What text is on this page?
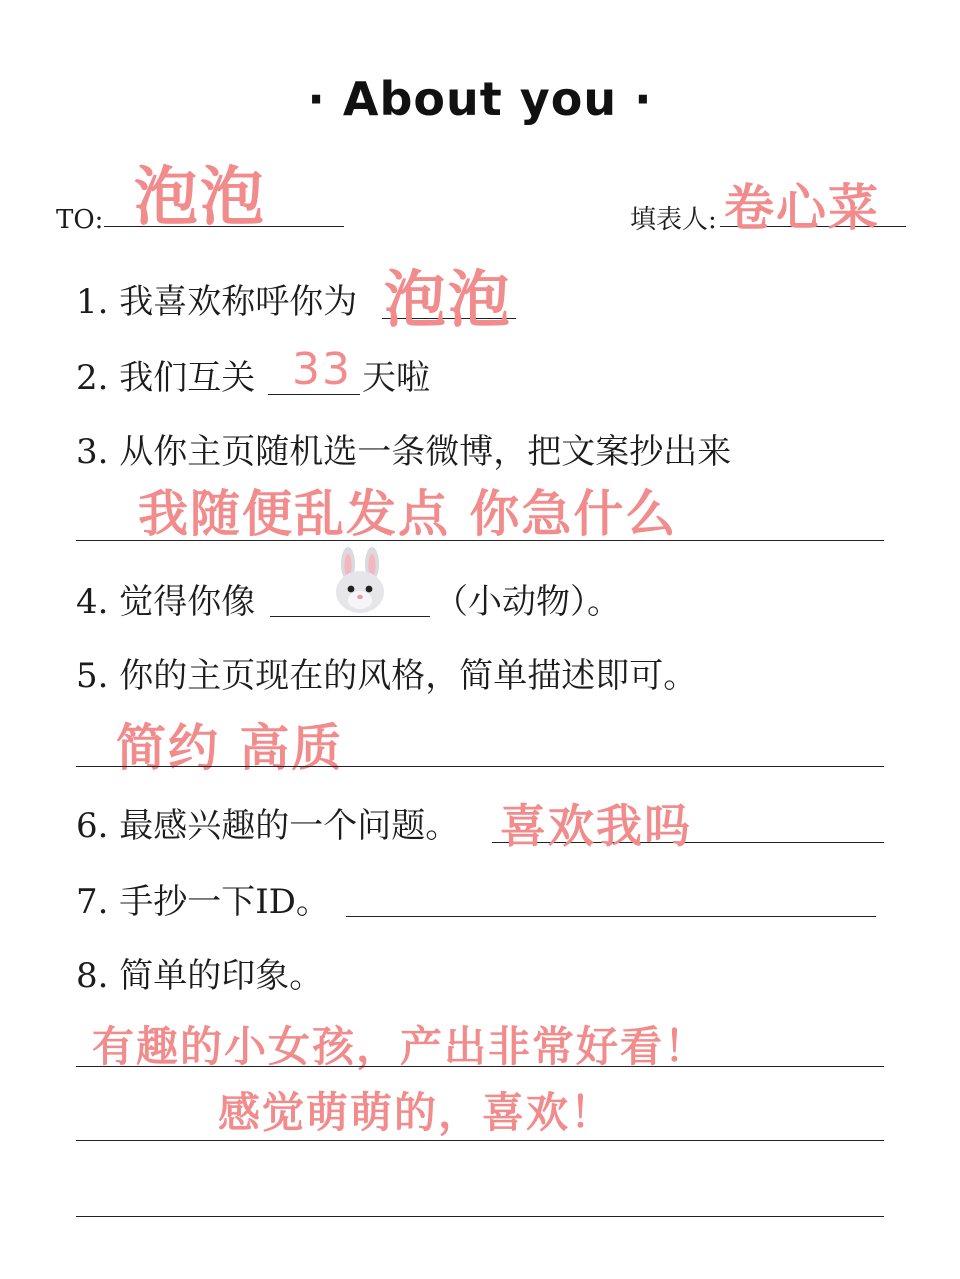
· About you ·
TO: 泡泡	填表人: 卷心菜
1. 我喜欢称呼你为 泡泡
2. 我们互关 33 天啦
3. 从你主页随机选一条微博，把文案抄出来
我随便乱发点 你急什么
4. 觉得你像	（小动物）。
5. 你的主页现在的风格，简单描述即可。
简约 高质
6. 最感兴趣的一个问题。 喜欢我吗
7. 手抄一下ID。
8. 简单的印象。
有趣的小女孩，产出非常好看！
感觉萌萌的，喜欢！
